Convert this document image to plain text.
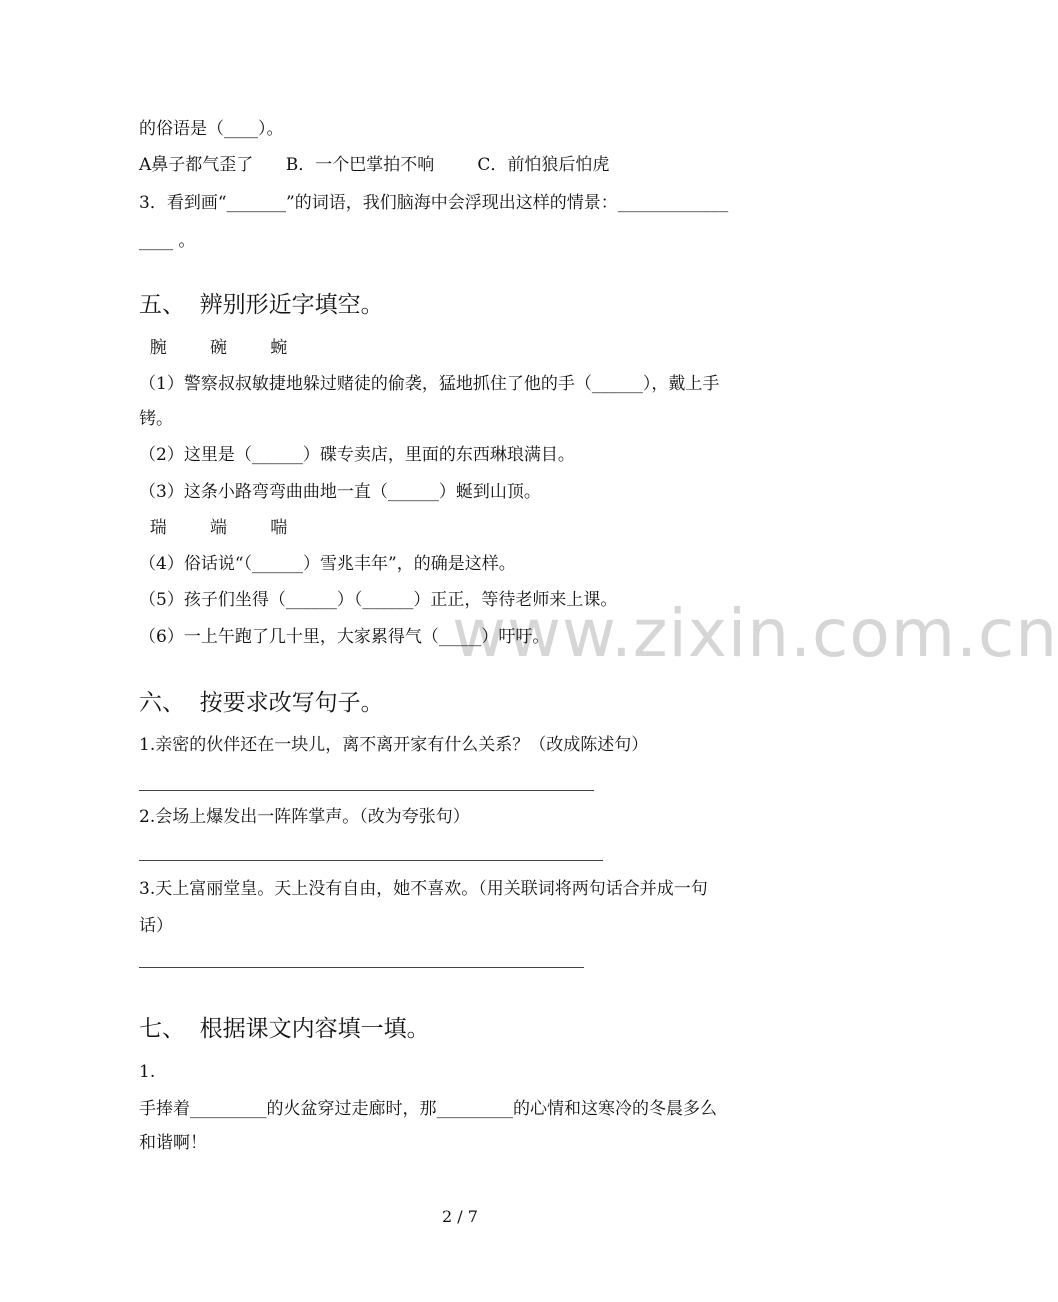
www.zixin.com.cn
的俗语是（____）。
A鼻子都气歪了      B．一个巴掌拍不响        C．前怕狼后怕虎
3．看到画“_______”的词语，我们脑海中会浮现出这样的情景：_____________
____ 。
五、  辨别形近字填空。
腕        碗        蜿
（1）警察叔叔敏捷地躲过赌徒的偷袭，猛地抓住了他的手（______），戴上手
铐。
（2）这里是（______）碟专卖店，里面的东西琳琅满目。
（3）这条小路弯弯曲曲地一直（______）蜒到山顶。
瑞        端        喘
（4）俗话说“（______）雪兆丰年”，的确是这样。
（5）孩子们坐得（______）（______）正正，等待老师来上课。
（6）一上午跑了几十里，大家累得气（_____）吁吁。
六、  按要求改写句子。
1.亲密的伙伴还在一块儿，离不离开家有什么关系？（改成陈述句）
2.会场上爆发出一阵阵掌声。（改为夸张句）
3.天上富丽堂皇。天上没有自由，她不喜欢。（用关联词将两句话合并成一句
话）
七、  根据课文内容填一填。
1.
手捧着_________的火盆穿过走廊时，那_________的心情和这寒冷的冬晨多么
和谐啊！
2 / 7
